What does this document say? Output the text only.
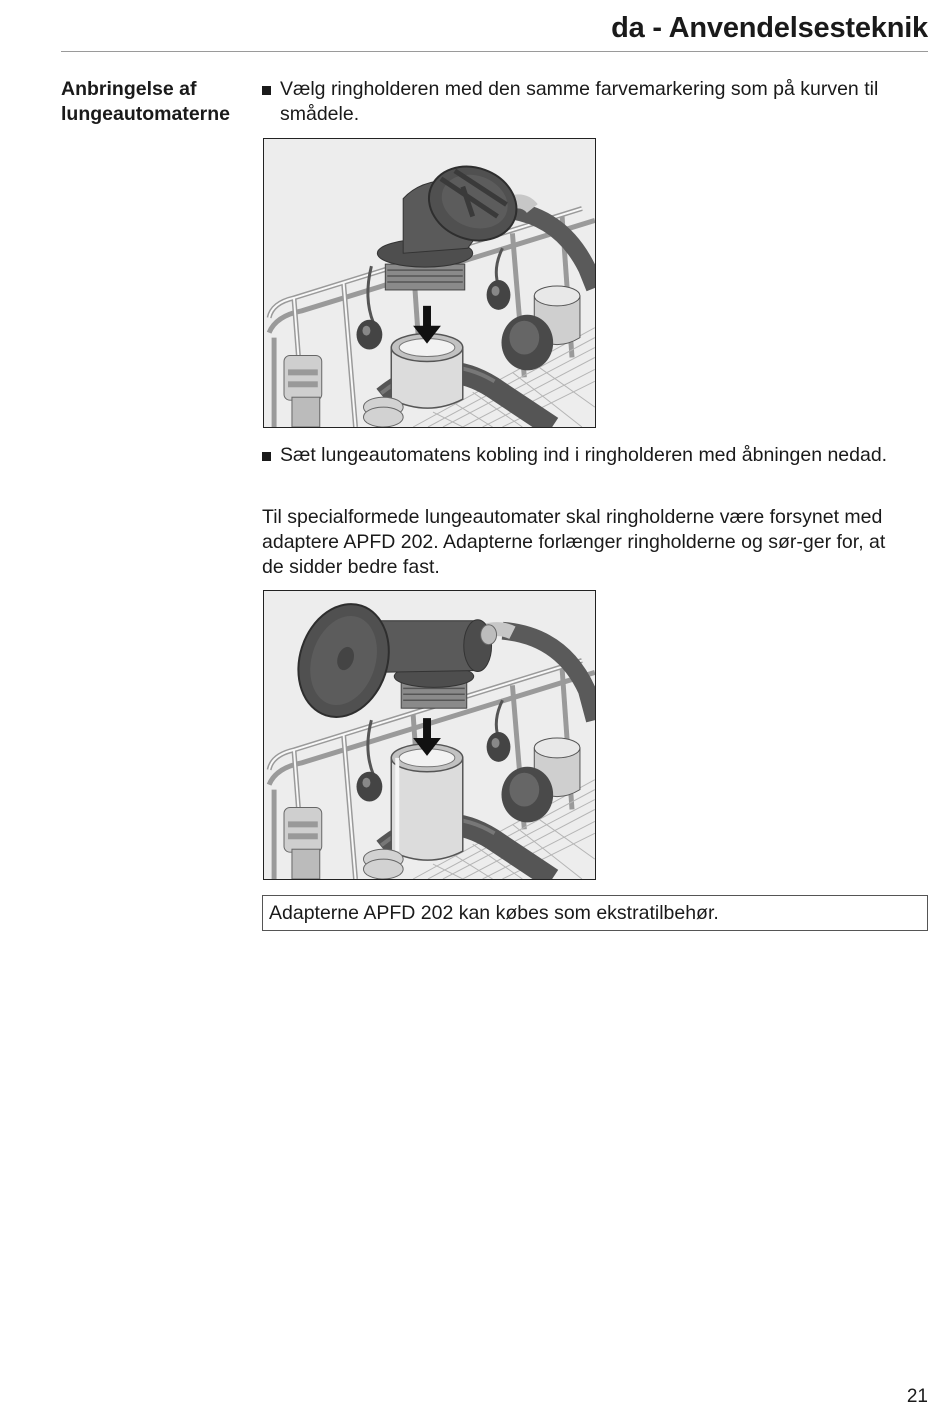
da - Anvendelsesteknik
Anbringelse af lungeautomaterne
Vælg ringholderen med den samme farvemarkering som på kurven til smådele.
Sæt lungeautomatens kobling ind i ringholderen med åbningen nedad.
Til specialformede lungeautomater skal ringholderne være forsynet med adaptere APFD 202. Adapterne forlænger ringholderne og sør-ger for, at de sidder bedre fast.
Adapterne APFD 202 kan købes som ekstratilbehør.
21
